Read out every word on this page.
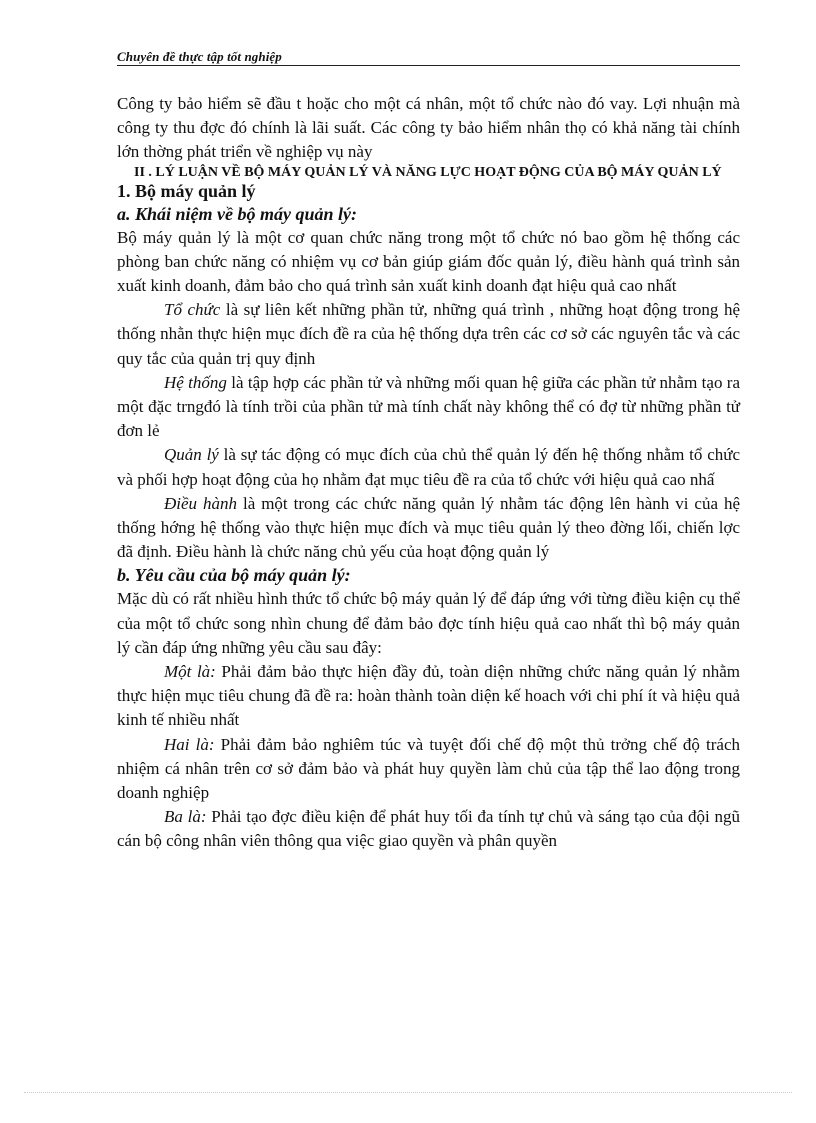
Chuyên đề thực tập tốt nghiệp

Công ty bảo hiểm sẽ đầu t hoặc cho một cá nhân, một tổ chức nào đó vay. Lợi nhuận mà công ty thu đợc đó chính là lãi suất. Các công ty bảo hiểm nhân thọ có khả năng tài chính lớn thờng phát triển về nghiệp vụ này

II . LÝ LUẬN VỀ BỘ MÁY QUẢN LÝ VÀ NĂNG LỰC HOẠT ĐỘNG CỦA BỘ MÁY QUẢN LÝ

1. Bộ máy quản lý

a. Khái niệm về bộ máy quản lý:

Bộ máy quản lý là một cơ quan chức năng trong một tổ chức nó bao gồm hệ thống các phòng ban chức năng có nhiệm vụ cơ bản giúp giám đốc quản lý, điều hành quá trình sản xuất kinh doanh, đảm bảo cho quá trình sản xuất kinh doanh đạt hiệu quả cao nhất

Tổ chức là sự liên kết những phần tử, những quá trình , những hoạt động trong hệ thống nhằn thực hiện mục đích đề ra của hệ thống dựa trên các cơ sở các nguyên tắc và các quy tắc của quản trị quy định

Hệ thống là tập hợp các phần tử và những mối quan hệ giữa các phần tử nhằm tạo ra một đặc trngđó là tính trồi của phần tử mà tính chất này không thể có đợ từ những phần tử đơn lẻ

Quản lý là sự tác động có mục đích của chủ thể quản lý đến hệ thống nhằm tổ chức và phối hợp hoạt động của họ nhằm đạt mục tiêu đề ra của tổ chức với hiệu quả cao nhấ

Điều hành là một trong các chức năng quản lý nhằm tác động lên hành vi của hệ thống hớng hệ thống vào thực hiện mục đích và mục tiêu quản lý theo đờng lối, chiến lợc đã định. Điều hành là chức năng chủ yếu của hoạt động quản lý

b. Yêu cầu của bộ máy quản lý:

Mặc dù có rất nhiều hình thức tổ chức bộ máy quản lý để đáp ứng với từng điều kiện cụ thể của một tổ chức song nhìn chung để đảm bảo đợc tính hiệu quả cao nhất thì bộ máy quản lý cần đáp ứng những yêu cầu sau đây:

Một là: Phải đảm bảo thực hiện đầy đủ, toàn diện những chức năng quản lý nhằm thực hiện mục tiêu chung đã đề ra: hoàn thành toàn diện kế hoach với chi phí ít và hiệu quả kinh tế nhiều nhất

Hai là: Phải đảm bảo nghiêm túc và tuyệt đối chế độ một thủ trởng chế độ trách nhiệm cá nhân trên cơ sở đảm bảo và phát huy quyền làm chủ của tập thể lao động trong doanh nghiệp

Ba là: Phải tạo đợc điều kiện để phát huy tối đa tính tự chủ và sáng tạo của đội ngũ cán bộ công nhân viên thông qua việc giao quyền và phân quyền
